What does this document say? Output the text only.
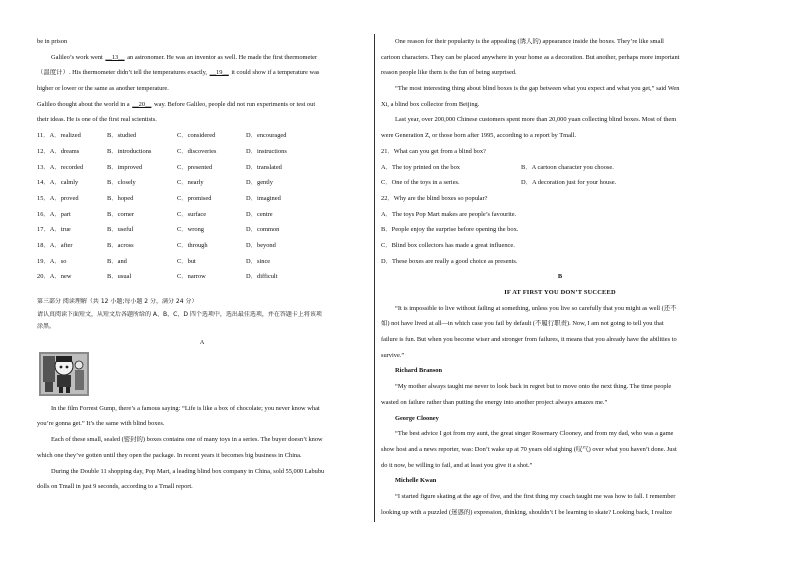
be in prison
Galileo’s work went __13__ an astronomer. He was an inventor as well. He made the first thermometer
（温度计）. His thermometer didn’t tell the temperatures exactly, __19__ it could show if a temperature was
higher or lower or the same as another temperature.
Galileo thought about the world in a __20__ way. Before Galileo, people did not run experiments or test out
their ideas. He is one of the first real scientists.
11．A．realized	B．studied	C．considered	D．encouraged
12．A．dreams	B．introductions	C．discoveries	D．instructions
13．A．recorded	B．improved	C．presented	D．translated
14．A．calmly	B．closely	C．nearly	D．gently
15．A．proved	B．hoped	C．promised	D．imagined
16．A．part	B．corner	C．surface	D．centre
17．A．true	B．useful	C．wrong	D．common
18．A．after	B．across	C．through	D．beyond
19．A．so	B．and	C．but	D．since
20．A．new	B．usual	C．narrow	D．difficult
第三部分 阅读理解（共 12 小题;每小题 2 分，满分 24 分）
请认真阅读下面短文，从短文后各题所给的 A、B、C、D 四个选项中，选出最佳选项，并在答题卡上将该项
涂黑。
A
In the film Forrest Gump, there’s a famous saying: “Life is like a box of chocolate; you never know what
you’re gonna get.” It’s the same with blind boxes.
Each of these small, sealed (密封的) boxes contains one of many toys in a series. The buyer doesn’t know
which one they’ve gotten until they open the package. In recent years it becomes big business in China.
During the Double 11 shopping day, Pop Mart, a leading blind box company in China, sold 55,000 Labubu
dolls on Tmall in just 9 seconds, according to a Tmall report.
One reason for their popularity is the appealing (诱人的) appearance inside the boxes. They’re like small
cartoon characters. They can be placed anywhere in your home as a decoration. But another, perhaps more important
reason people like them is the fun of being surprised.
“The most interesting thing about blind boxes is the gap between what you expect and what you get,” said Wen
Xi, a blind box collector from Beijing.
Last year, over 200,000 Chinese customers spent more than 20,000 yuan collecting blind boxes. Most of them
were Generation Z, or those born after 1995, according to a report by Tmall.
21．What can you get from a blind box?
A．The toy printed on the box	B．A cartoon character you choose.
C．One of the toys in a series.	D．A decoration just for your house.
22．Why are the blind boxes so popular?
A．The toys Pop Mart makes are people’s favourite.
B．People enjoy the surprise before opening the box.
C．Blind box collectors has made a great influence.
D．These boxes are really a good choice as presents.
B
IF AT FIRST YOU DON’T SUCCEED
“It is impossible to live without failing at something, unless you live so carefully that you might as well (还不
如) not have lived at all—in which case you fail by default (不履行职责). Now, I am not going to tell you that
failure is fun. But when you become wiser and stronger from failures, it means that you already have the abilities to
survive.”
Richard Branson
“My mother always taught me never to look back in regret but to move onto the next thing. The time people
wasted on failure rather than putting the energy into another project always amazes me.”
George Clooney
“The best advice I got from my aunt, the great singer Rosemary Clooney, and from my dad, who was a game
show host and a news reporter, was: Don’t wake up at 70 years old sighing (叹气) over what you haven’t done. Just
do it now, be willing to fail, and at least you give it a shot.”
Michelle Kwan
“I started figure skating at the age of five, and the first thing my coach taught me was how to fall. I remember
looking up with a puzzled (迷惑的) expression, thinking, shouldn’t I be learning to skate? Looking back, I realize
